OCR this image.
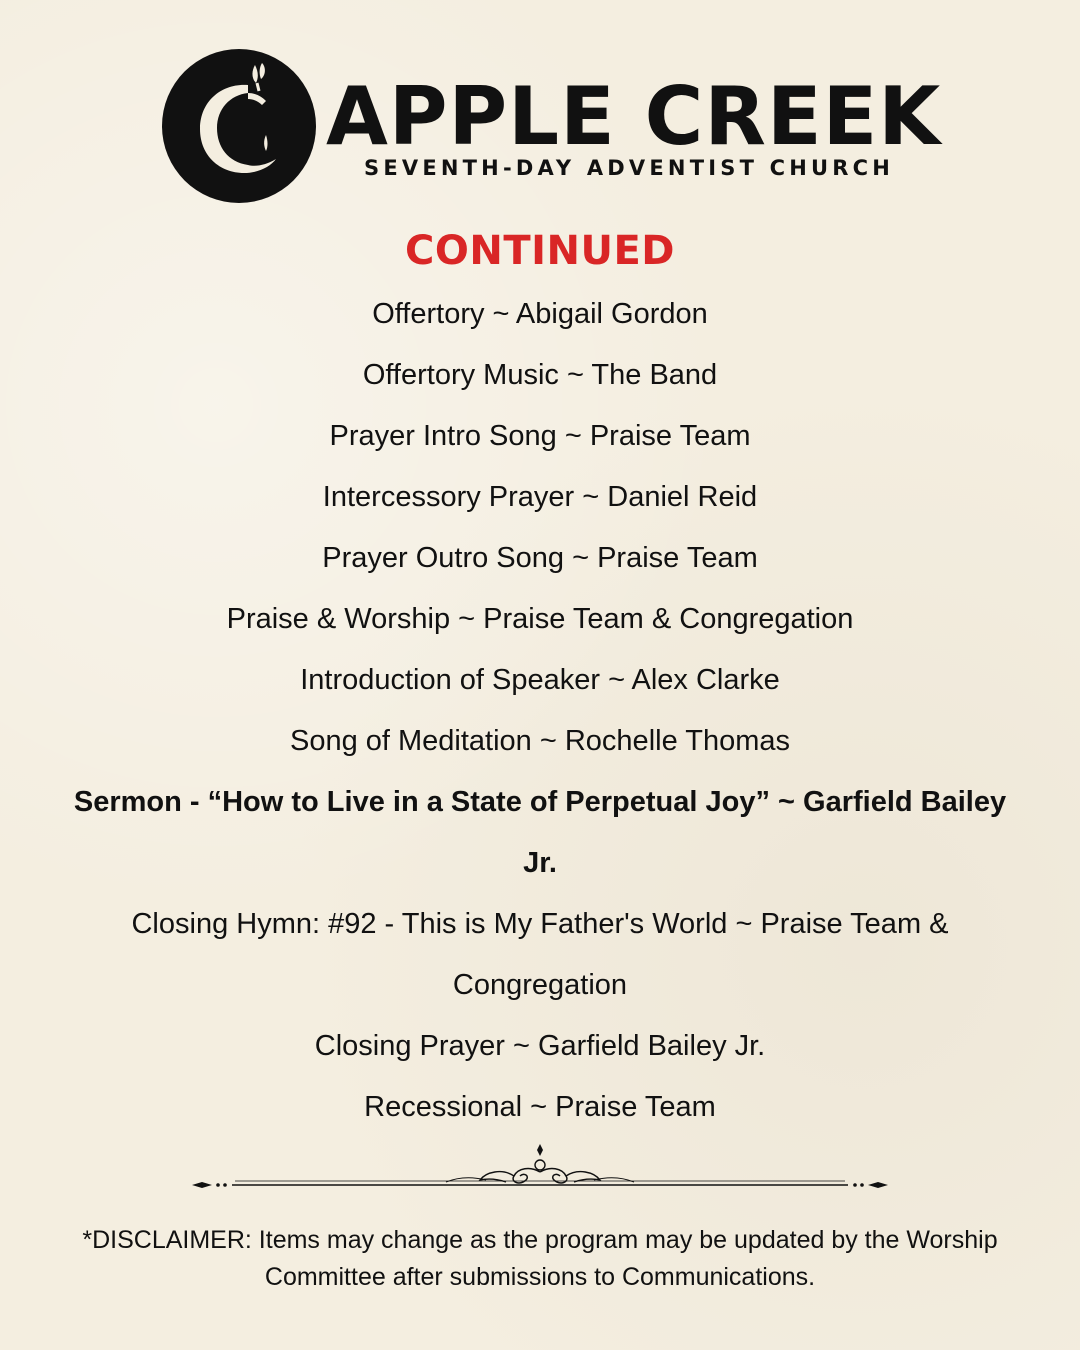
APPLE CREEK
SEVENTH-DAY ADVENTIST CHURCH
CONTINUED
Offertory ~ Abigail Gordon
Offertory Music ~ The Band
Prayer Intro Song ~ Praise Team
Intercessory Prayer ~ Daniel Reid
Prayer Outro Song ~ Praise Team
Praise & Worship ~ Praise Team & Congregation
Introduction of Speaker ~ Alex Clarke
Song of Meditation ~ Rochelle Thomas
Sermon - “How to Live in a State of Perpetual Joy” ~ Garfield Bailey Jr.
Closing Hymn: #92 - This is My Father's World ~ Praise Team & Congregation
Closing Prayer ~ Garfield Bailey Jr.
Recessional ~ Praise Team
*DISCLAIMER: Items may change as the program may be updated by the Worship Committee after submissions to Communications.
